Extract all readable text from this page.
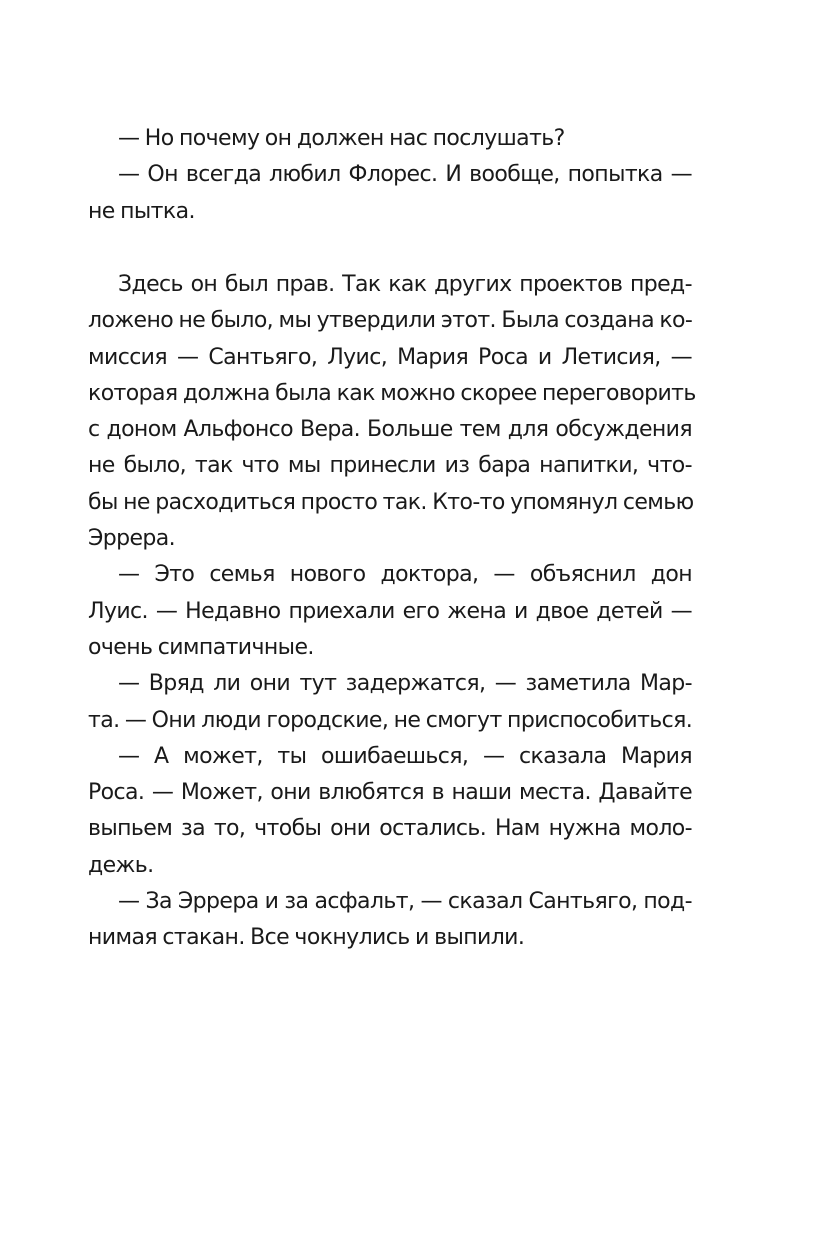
— Но почему он должен нас послушать?
— Он всегда любил Флорес. И вообще, попытка —
не пытка.
Здесь он был прав. Так как других проектов пред-
ложено не было, мы утвердили этот. Была создана ко-
миссия — Сантьяго, Луис, Мария Роса и Летисия, —
которая должна была как можно скорее переговорить
с доном Альфонсо Вера. Больше тем для обсуждения
не было, так что мы принесли из бара напитки, что-
бы не расходиться просто так. Кто-то упомянул семью
Эррера.
— Это семья нового доктора, — объяснил дон
Луис. — Недавно приехали его жена и двое детей —
очень симпатичные.
— Вряд ли они тут задержатся, — заметила Мар-
та. — Они люди городские, не смогут приспособиться.
— А может, ты ошибаешься, — сказала Мария
Роса. — Может, они влюбятся в наши места. Давайте
выпьем за то, чтобы они остались. Нам нужна моло-
дежь.
— За Эррера и за асфальт, — сказал Сантьяго, под-
нимая стакан. Все чокнулись и выпили.
